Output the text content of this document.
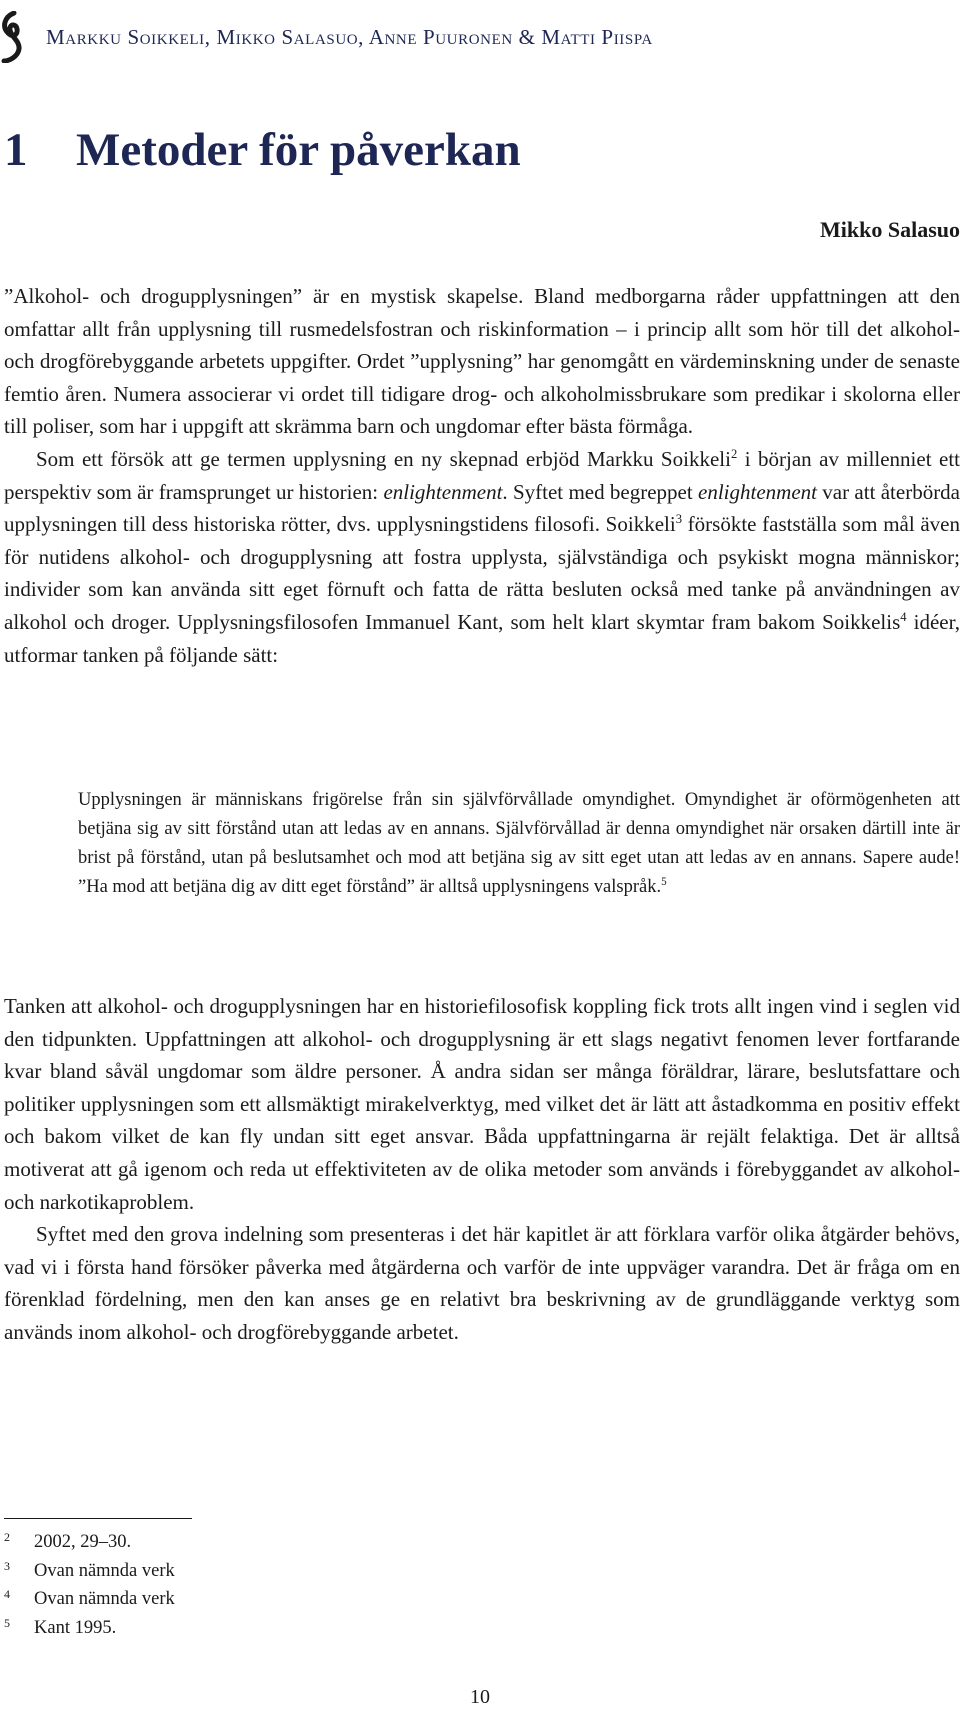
Markku Soikkeli, Mikko Salasuo, Anne Puuronen & Matti Piispa
1	Metoder för påverkan
Mikko Salasuo

”Alkohol- och drogupplysningen” är en mystisk skapelse. Bland medborgarna råder uppfattningen att den omfattar allt från upplysning till rusmedelsfostran och riskinformation – i princip allt som hör till det alkohol- och drogförebyggande arbetets uppgifter. Ordet ”upplysning” har genomgått en värdeminskning under de senaste femtio åren. Numera associerar vi ordet till tidigare drog- och alkoholmissbrukare som predikar i skolorna eller till poliser, som har i uppgift att skrämma barn och ungdomar efter bästa förmåga.

Som ett försök att ge termen upplysning en ny skepnad erbjöd Markku Soikkeli$^2$ i början av millenniet ett perspektiv som är framsprunget ur historien: enlightenment. Syftet med begreppet enlightenment var att återbörda upplysningen till dess historiska rötter, dvs. upplysningstidens filosofi. Soikkeli$^3$ försökte fastställa som mål även för nutidens alkohol- och drogupplysning att fostra upplysta, självständiga och psykiskt mogna människor; individer som kan använda sitt eget förnuft och fatta de rätta besluten också med tanke på användningen av alkohol och droger. Upplysningsfilosofen Immanuel Kant, som helt klart skymtar fram bakom Soikkelis$^4$ idéer, utformar tanken på följande sätt:

Upplysningen är människans frigörelse från sin självförvållade omyndighet. Omyndighet är oförmögenheten att betjäna sig av sitt förstånd utan att ledas av en annans. Självförvållad är denna omyndighet när orsaken därtill inte är brist på förstånd, utan på beslutsamhet och mod att betjäna sig av sitt eget utan att ledas av en annans. Sapere aude! ”Ha mod att betjäna dig av ditt eget förstånd” är alltså upplysningens valspråk.$^5$

Tanken att alkohol- och drogupplysningen har en historiefilosofisk koppling fick trots allt ingen vind i seglen vid den tidpunkten. Uppfattningen att alkohol- och drogupplysning är ett slags negativt fenomen lever fortfarande kvar bland såväl ungdomar som äldre personer. Å andra sidan ser många föräldrar, lärare, beslutsfattare och politiker upplysningen som ett allsmäktigt mirakelverktyg, med vilket det är lätt att åstadkomma en positiv effekt och bakom vilket de kan fly undan sitt eget ansvar. Båda uppfattningarna är rejält felaktiga. Det är alltså motiverat att gå igenom och reda ut effektiviteten av de olika metoder som används i förebyggandet av alkohol- och narkotikaproblem.

Syftet med den grova indelning som presenteras i det här kapitlet är att förklara varför olika åtgärder behövs, vad vi i första hand försöker påverka med åtgärderna och varför de inte uppväger varandra. Det är fråga om en förenklad fördelning, men den kan anses ge en relativt bra beskrivning av de grundläggande verktyg som används inom alkohol- och drogförebyggande arbetet.

2	2002, 29–30.
3	Ovan nämnda verk
4	Ovan nämnda verk
5	Kant 1995.
10
